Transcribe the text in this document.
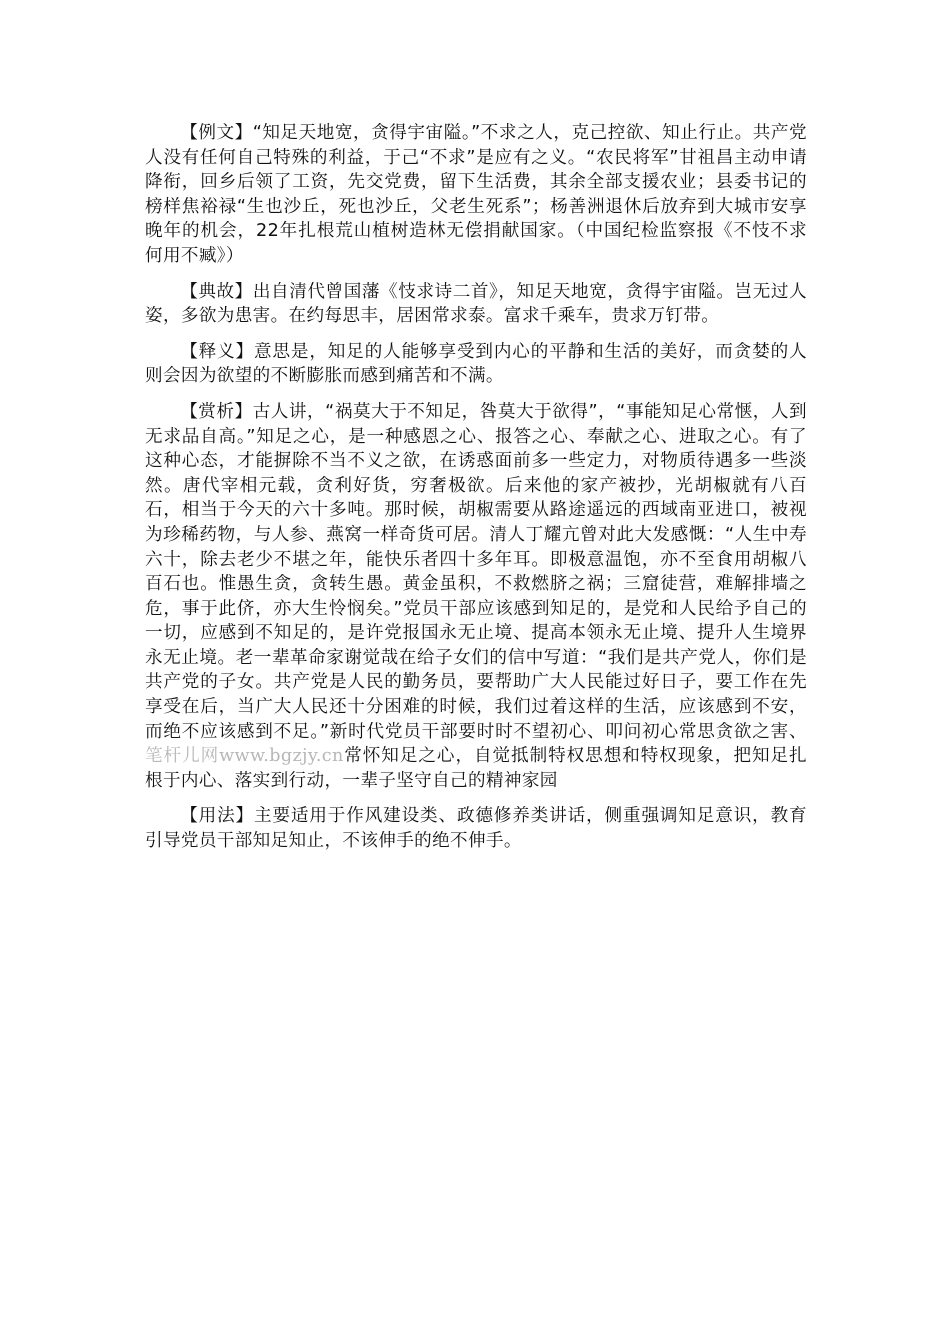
【例文】“知足天地宽，贪得宇宙隘。”不求之人，克己控欲、知止行止。共产党人没有任何自己特殊的利益，于己“不求”是应有之义。“农民将军”甘祖昌主动申请降衔，回乡后领了工资，先交党费，留下生活费，其余全部支援农业；县委书记的榜样焦裕禄“生也沙丘，死也沙丘，父老生死系”；杨善洲退休后放弃到大城市安享晚年的机会，22年扎根荒山植树造林无偿捐献国家。（中国纪检监察报《不忮不求 何用不臧》）

【典故】出自清代曾国藩《忮求诗二首》，知足天地宽，贪得宇宙隘。岂无过人姿，多欲为患害。在约每思丰，居困常求泰。富求千乘车，贵求万钉带。

【释义】意思是，知足的人能够享受到内心的平静和生活的美好，而贪婪的人则会因为欲望的不断膨胀而感到痛苦和不满。

【赏析】古人讲，“祸莫大于不知足，咎莫大于欲得”，“事能知足心常惬，人到无求品自高。”知足之心，是一种感恩之心、报答之心、奉献之心、进取之心。有了这种心态，才能摒除不当不义之欲，在诱惑面前多一些定力，对物质待遇多一些淡然。唐代宰相元载，贪利好货，穷奢极欲。后来他的家产被抄，光胡椒就有八百石，相当于今天的六十多吨。那时候，胡椒需要从路途遥远的西域南亚进口，被视为珍稀药物，与人参、燕窝一样奇货可居。清人丁耀亢曾对此大发感慨：“人生中寿六十，除去老少不堪之年，能快乐者四十多年耳。即极意温饱，亦不至食用胡椒八百石也。惟愚生贪，贪转生愚。黄金虽积，不救燃脐之祸；三窟徒营，难解排墙之危，事于此侪，亦大生怜悯矣。”党员干部应该感到知足的，是党和人民给予自己的一切，应感到不知足的，是许党报国永无止境、提高本领永无止境、提升人生境界永无止境。老一辈革命家谢觉哉在给子女们的信中写道：“我们是共产党人，你们是共产党的子女。共产党是人民的勤务员，要帮助广大人民能过好日子，要工作在先享受在后，当广大人民还十分困难的时候，我们过着这样的生活，应该感到不安，而绝不应该感到不足。”新时代党员干部要时时不望初心、叩问初心常思贪欲之害、笔杆儿网www.bgzjy.cn常怀知足之心，自觉抵制特权思想和特权现象，把知足扎根于内心、落实到行动，一辈子坚守自己的精神家园

【用法】主要适用于作风建设类、政德修养类讲话，侧重强调知足意识，教育引导党员干部知足知止，不该伸手的绝不伸手。
